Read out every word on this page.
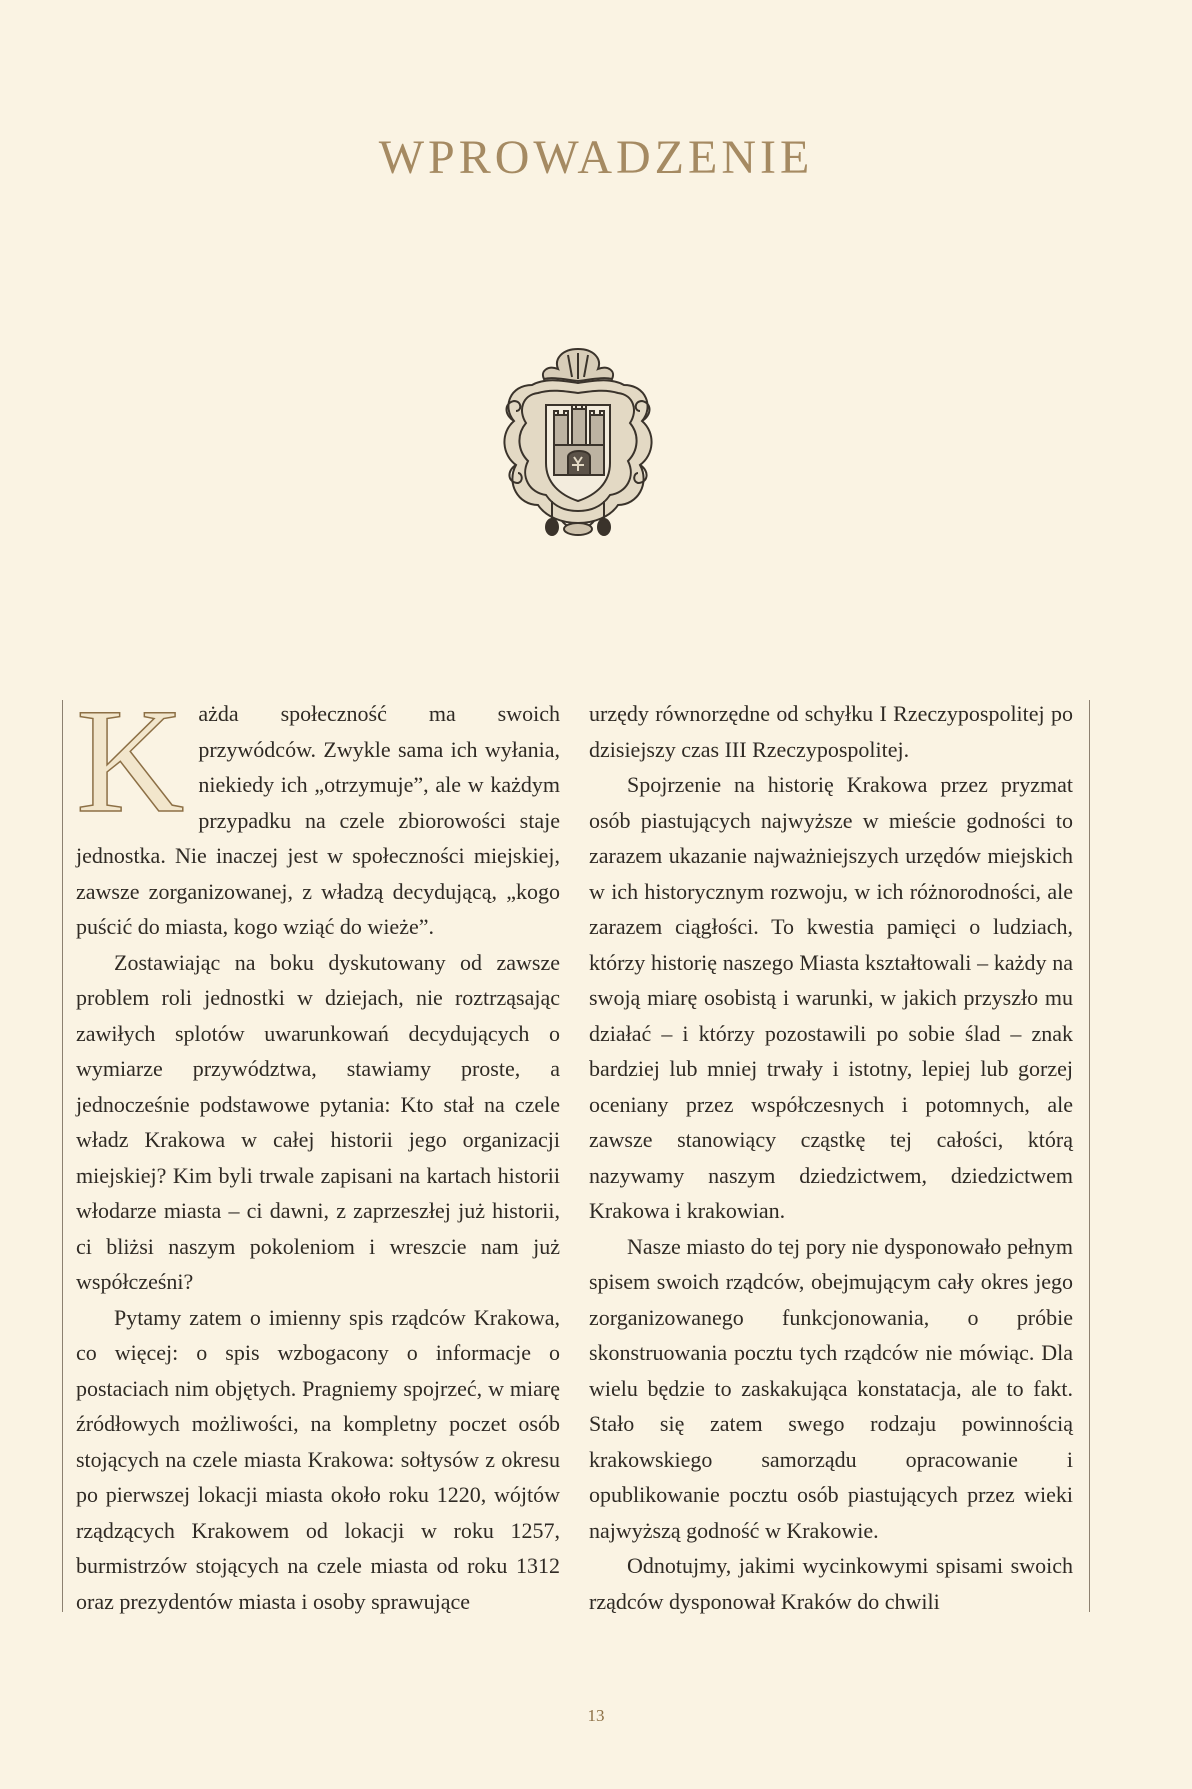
WPROWADZENIE

Każda społeczność ma swoich przywódców. Zwykle sama ich wyłania, niekiedy ich „otrzymuje”, ale w każdym przypadku na czele zbiorowości staje jednostka. Nie inaczej jest w społeczności miejskiej, zawsze zorganizowanej, z władzą decydującą, „kogo puścić do miasta, kogo wziąć do wieże”.

Zostawiając na boku dyskutowany od zawsze problem roli jednostki w dziejach, nie roztrząsając zawiłych splotów uwarunkowań decydujących o wymiarze przywództwa, stawiamy proste, a jednocześnie podstawowe pytania: Kto stał na czele władz Krakowa w całej historii jego organizacji miejskiej? Kim byli trwale zapisani na kartach historii włodarze miasta – ci dawni, z zaprzeszłej już historii, ci bliżsi naszym pokoleniom i wreszcie nam już współcześni?

Pytamy zatem o imienny spis rządców Krakowa, co więcej: o spis wzbogacony o informacje o postaciach nim objętych. Pragniemy spojrzeć, w miarę źródłowych możliwości, na kompletny poczet osób stojących na czele miasta Krakowa: sołtysów z okresu po pierwszej lokacji miasta około roku 1220, wójtów rządzących Krakowem od lokacji w roku 1257, burmistrzów stojących na czele miasta od roku 1312 oraz prezydentów miasta i osoby sprawujące

urzędy równorzędne od schyłku I Rzeczypospolitej po dzisiejszy czas III Rzeczypospolitej.

Spojrzenie na historię Krakowa przez pryzmat osób piastujących najwyższe w mieście godności to zarazem ukazanie najważniejszych urzędów miejskich w ich historycznym rozwoju, w ich różnorodności, ale zarazem ciągłości. To kwestia pamięci o ludziach, którzy historię naszego Miasta kształtowali – każdy na swoją miarę osobistą i warunki, w jakich przyszło mu działać – i którzy pozostawili po sobie ślad – znak bardziej lub mniej trwały i istotny, lepiej lub gorzej oceniany przez współczesnych i potomnych, ale zawsze stanowiący cząstkę tej całości, którą nazywamy naszym dziedzictwem, dziedzictwem Krakowa i krakowian.

Nasze miasto do tej pory nie dysponowało pełnym spisem swoich rządców, obejmującym cały okres jego zorganizowanego funkcjonowania, o próbie skonstruowania pocztu tych rządców nie mówiąc. Dla wielu będzie to zaskakująca konstatacja, ale to fakt. Stało się zatem swego rodzaju powinnością krakowskiego samorządu opracowanie i opublikowanie pocztu osób piastujących przez wieki najwyższą godność w Krakowie.

Odnotujmy, jakimi wycinkowymi spisami swoich rządców dysponował Kraków do chwili

13
